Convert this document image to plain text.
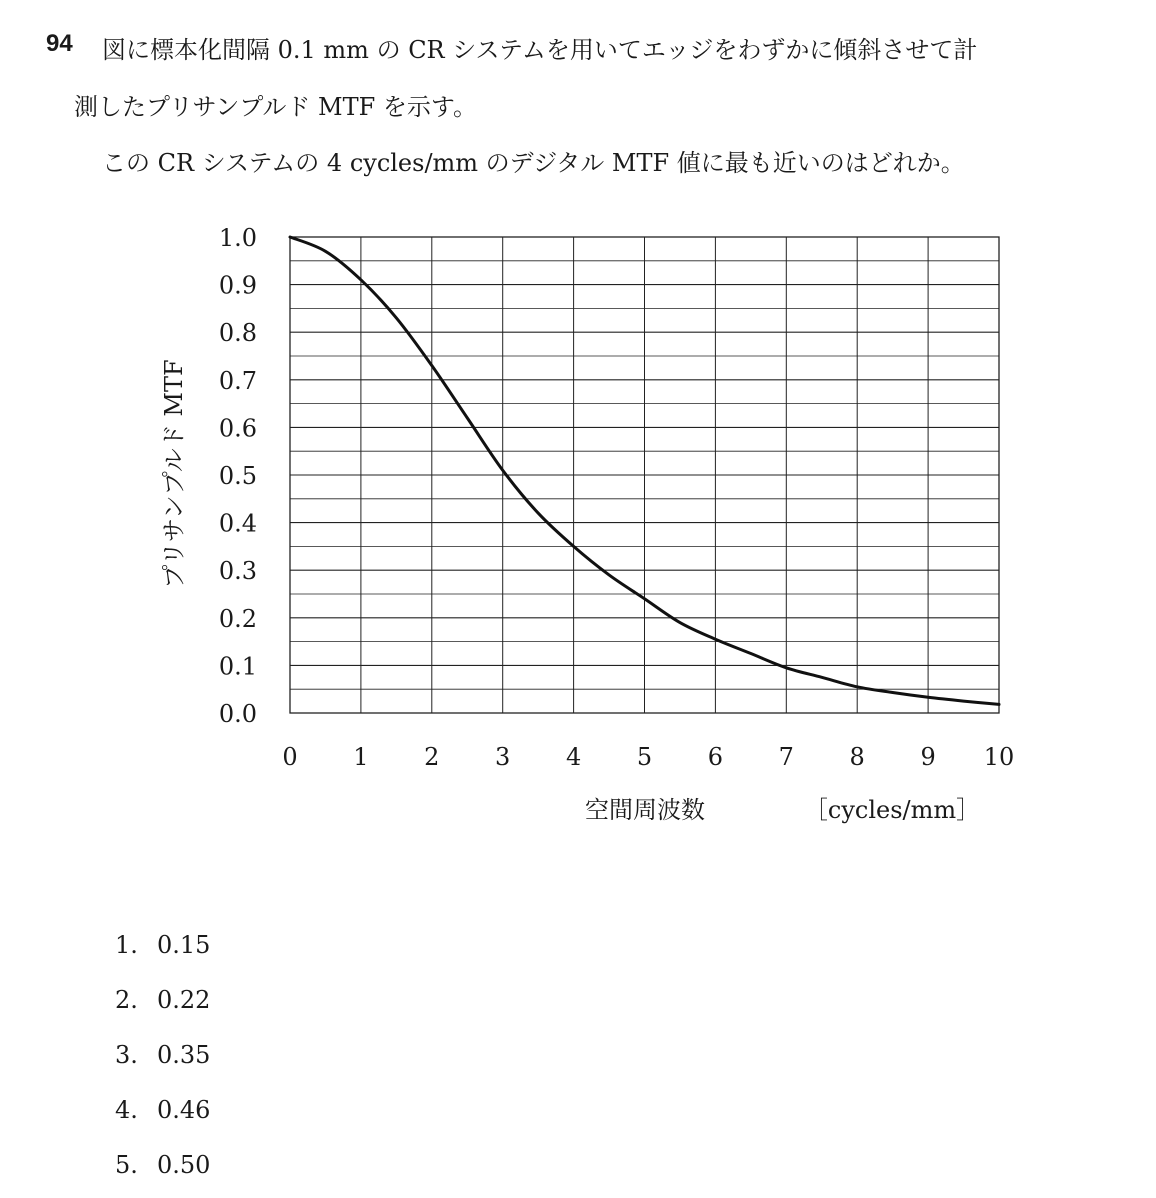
94 図に標本化間隔 0.1 mm の CR システムを用いてエッジをわずかに傾斜させて計
測したプリサンプルド MTF を示す。
この CR システムの 4 cycles/mm のデジタル MTF 値に最も近いのはどれか。
1.0
0.9
0.8
0.7
0.6
0.5
0.4
0.3
0.2
0.1
0.0
0 1 2 3 4 5 6 7 8 9 10
プリサンプルド MTF
空間周波数	［cycles/mm］
1. 0.15
2. 0.22
3. 0.35
4. 0.46
5. 0.50
